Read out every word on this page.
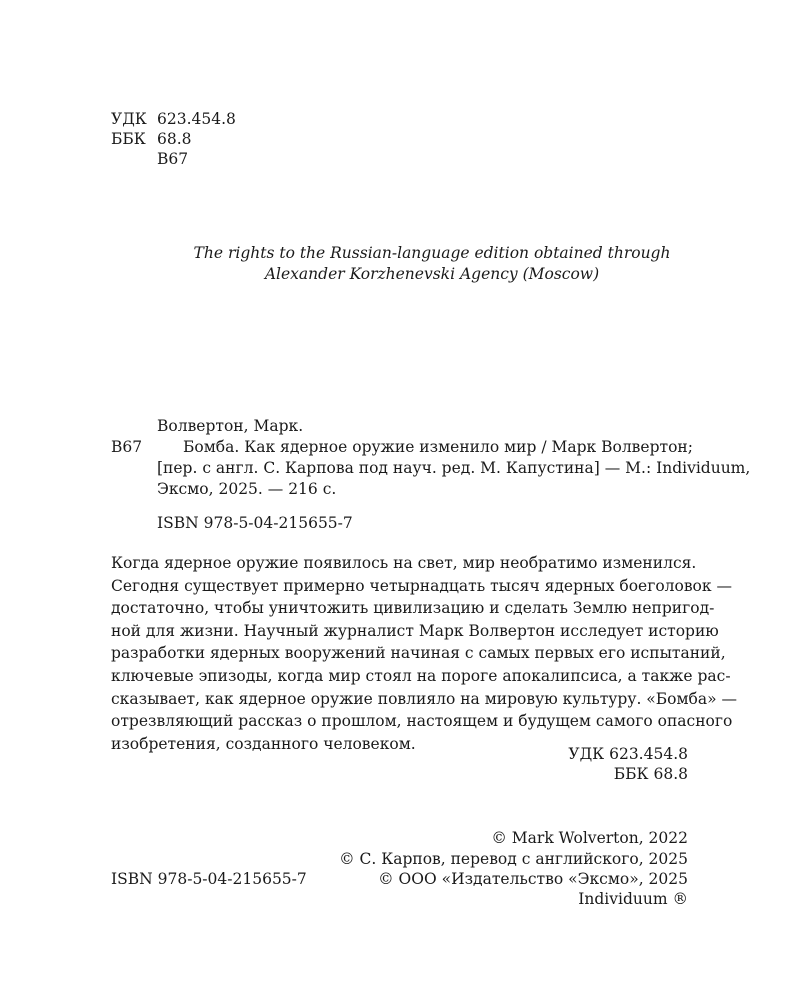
УДК 623.454.8
ББК 68.8
В67
The rights to the Russian-language edition obtained through
Alexander Korzhenevski Agency (Moscow)
Волвертон, Марк.
В67	Бомба. Как ядерное оружие изменило мир / Марк Волвертон;
[пер. с англ. С. Карпова под науч. ред. М. Капустина] — М.: Individuum,
Эксмо, 2025. — 216 с.
ISBN 978-5-04-215655-7
Когда ядерное оружие появилось на свет, мир необратимо изменился.
Сегодня существует примерно четырнадцать тысяч ядерных боеголовок —
достаточно, чтобы уничтожить цивилизацию и сделать Землю непригод-
ной для жизни. Научный журналист Марк Волвертон исследует историю
разработки ядерных вооружений начиная с самых первых его испытаний,
ключевые эпизоды, когда мир стоял на пороге апокалипсиса, а также рас-
сказывает, как ядерное оружие повлияло на мировую культуру. «Бомба» —
отрезвляющий рассказ о прошлом, настоящем и будущем самого опасного
изобретения, созданного человеком.
УДК 623.454.8
ББК 68.8
© Mark Wolverton, 2022
© С. Карпов, перевод с английского, 2025
© ООО «Издательство «Эксмо», 2025
Individuum ®
ISBN 978-5-04-215655-7
